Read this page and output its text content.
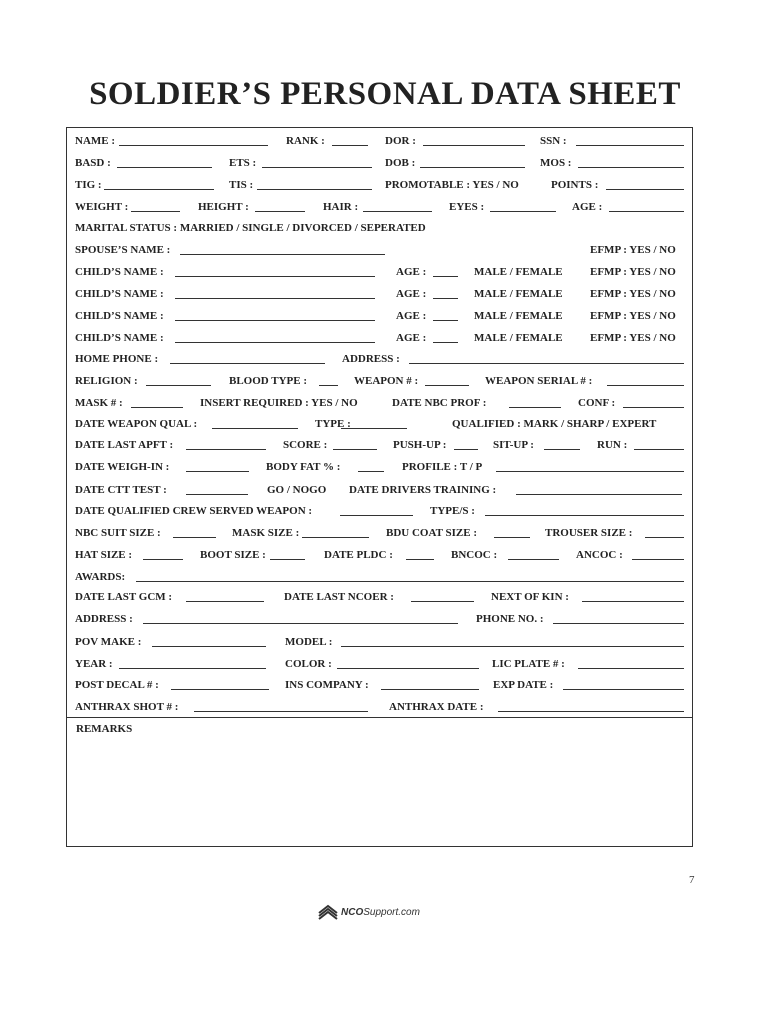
SOLDIER’S PERSONAL DATA SHEET
NAME :	RANK :	DOR :	SSN :
BASD :	ETS :	DOB :	MOS :
TIG :	TIS :	PROMOTABLE : YES / NO	POINTS :
WEIGHT :	HEIGHT :	HAIR :	EYES :	AGE :
MARITAL STATUS : MARRIED / SINGLE / DIVORCED / SEPERATED
SPOUSE’S NAME :	EFMP : YES / NO
CHILD’S NAME :	AGE :	MALE / FEMALE EFMP : YES / NO
CHILD’S NAME :	AGE :	MALE / FEMALE EFMP : YES / NO
CHILD’S NAME :	AGE :	MALE / FEMALE EFMP : YES / NO
CHILD’S NAME :	AGE :	MALE / FEMALE EFMP : YES / NO
HOME PHONE :	ADDRESS :
RELIGION :	BLOOD TYPE :	WEAPON # :	WEAPON SERIAL # :
MASK # :	INSERT REQUIRED : YES / NO	DATE NBC PROF :	CONF :
DATE WEAPON QUAL :	TYPE :	QUALIFIED : MARK / SHARP / EXPERT
DATE LAST APFT :	SCORE :	PUSH-UP :	SIT-UP :	RUN :
DATE WEIGH-IN :	BODY FAT % :	PROFILE : T / P
DATE CTT TEST :	GO / NOGO DATE DRIVERS TRAINING :
DATE QUALIFIED CREW SERVED WEAPON :	TYPE/S :
NBC SUIT SIZE :	MASK SIZE :	BDU COAT SIZE :	TROUSER SIZE :
HAT SIZE :	BOOT SIZE :	DATE PLDC :	BNCOC :	ANCOC :
AWARDS:
DATE LAST GCM :	DATE LAST NCOER :	NEXT OF KIN :
ADDRESS :	PHONE NO. :
POV MAKE :	MODEL :
YEAR :	COLOR :	LIC PLATE # :
POST DECAL # :	INS COMPANY :	EXP DATE :
ANTHRAX SHOT # :	ANTHRAX DATE :
REMARKS
7
NCOSupport.com
